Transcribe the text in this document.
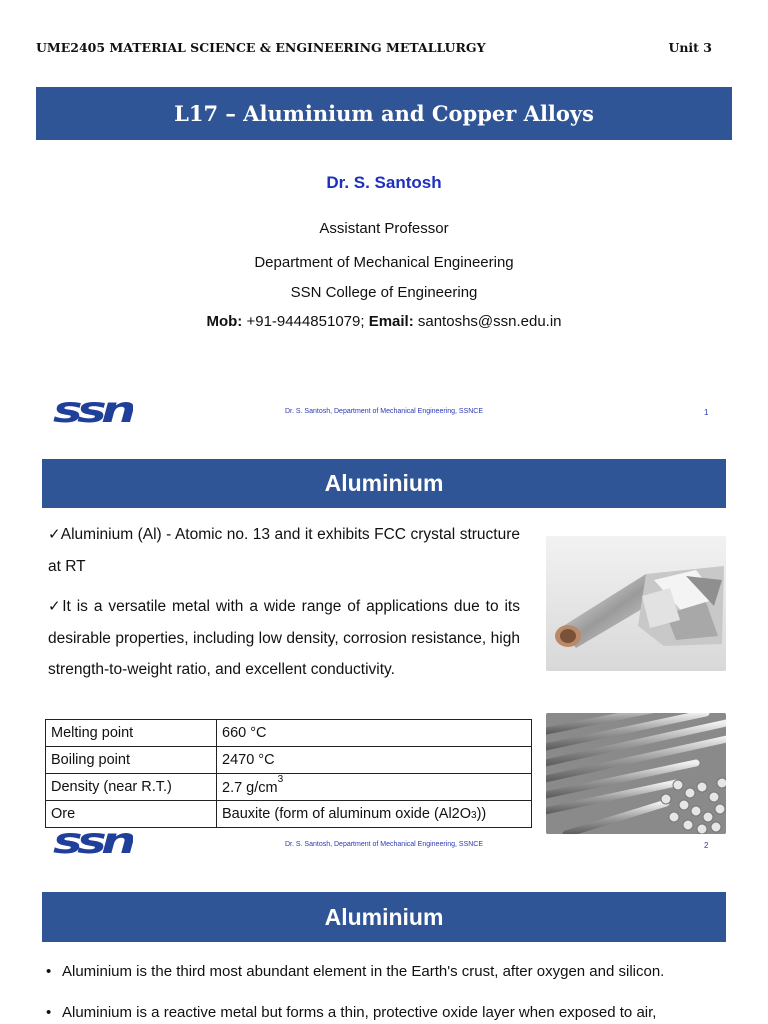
UME2405 MATERIAL SCIENCE & ENGINEERING METALLURGY	Unit 3
L17 – Aluminium and Copper Alloys
Dr. S. Santosh
Assistant Professor
Department of Mechanical Engineering
SSN College of Engineering
Mob: +91-9444851079; Email: santoshs@ssn.edu.in
ssn	Dr. S. Santosh, Department of Mechanical Engineering, SSNCE	1
Aluminium
✓Aluminium (Al) - Atomic no. 13 and it exhibits FCC crystal structure at RT
✓It is a versatile metal with a wide range of applications due to its desirable properties, including low density, corrosion resistance, high strength-to-weight ratio, and excellent conductivity.
Melting point	660 °C
Boiling point	2470 °C
Density (near R.T.)	2.7 $g/cm^3$
Ore	Bauxite (form of aluminum oxide (Al2O3))
ssn	Dr. S. Santosh, Department of Mechanical Engineering, SSNCE	2
Aluminium
• Aluminium is the third most abundant element in the Earth's crust, after oxygen and silicon.
• Aluminium is a reactive metal but forms a thin, protective oxide layer when exposed to air,
